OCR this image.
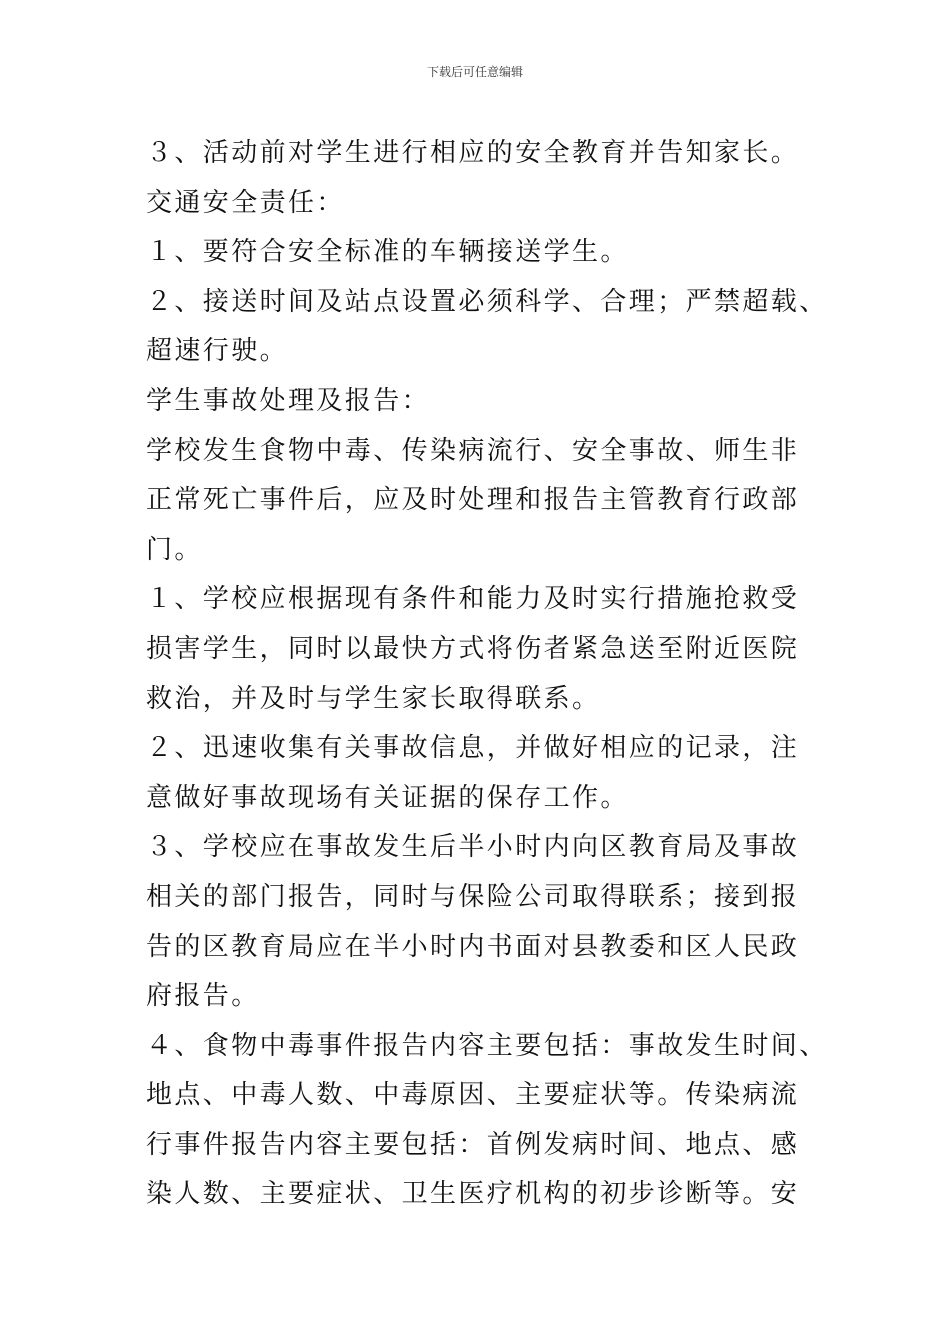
下载后可任意编辑
３、活动前对学生进行相应的安全教育并告知家长。
交通安全责任：
１、要符合安全标准的车辆接送学生。
２、接送时间及站点设置必须科学、合理；严禁超载、
超速行驶。
学生事故处理及报告：
学校发生食物中毒、传染病流行、安全事故、师生非
正常死亡事件后，应及时处理和报告主管教育行政部
门。
１、学校应根据现有条件和能力及时实行措施抢救受
损害学生，同时以最快方式将伤者紧急送至附近医院
救治，并及时与学生家长取得联系。
２、迅速收集有关事故信息，并做好相应的记录，注
意做好事故现场有关证据的保存工作。
３、学校应在事故发生后半小时内向区教育局及事故
相关的部门报告，同时与保险公司取得联系；接到报
告的区教育局应在半小时内书面对县教委和区人民政
府报告。
４、食物中毒事件报告内容主要包括：事故发生时间、
地点、中毒人数、中毒原因、主要症状等。传染病流
行事件报告内容主要包括：首例发病时间、地点、感
染人数、主要症状、卫生医疗机构的初步诊断等。安
